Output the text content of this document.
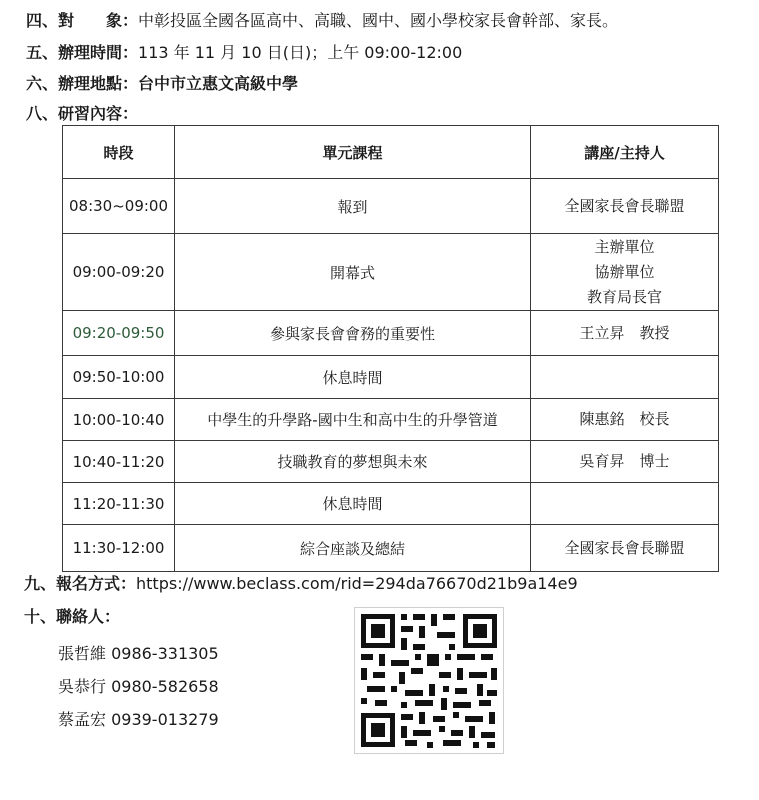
四、對　　象：中彰投區全國各區高中、高職、國中、國小學校家長會幹部、家長。
五、辦理時間：113 年 11 月 10 日(日)；上午 09:00-12:00
六、辦理地點：台中市立惠文高級中學
八、研習內容：
時段	單元課程	講座/主持人
08:30~09:00	報到	全國家長會長聯盟

09:00-09:20	開幕式	主辦單位
協辦單位
教育局長官

09:20-09:50	參與家長會會務的重要性	王立昇　教授

09:50-10:00	休息時間	

10:00-10:40	中學生的升學路-國中生和高中生的升學管道	陳惠銘　校長

10:40-11:20	技職教育的夢想與未來	吳育昇　博士

11:20-11:30	休息時間	

11:30-12:00	綜合座談及總結	全國家長會長聯盟
九、報名方式：https://www.beclass.com/rid=294da76670d21b9a14e9
十、聯絡人：
張哲維 0986-331305
吳恭行 0980-582658
蔡孟宏 0939-013279
